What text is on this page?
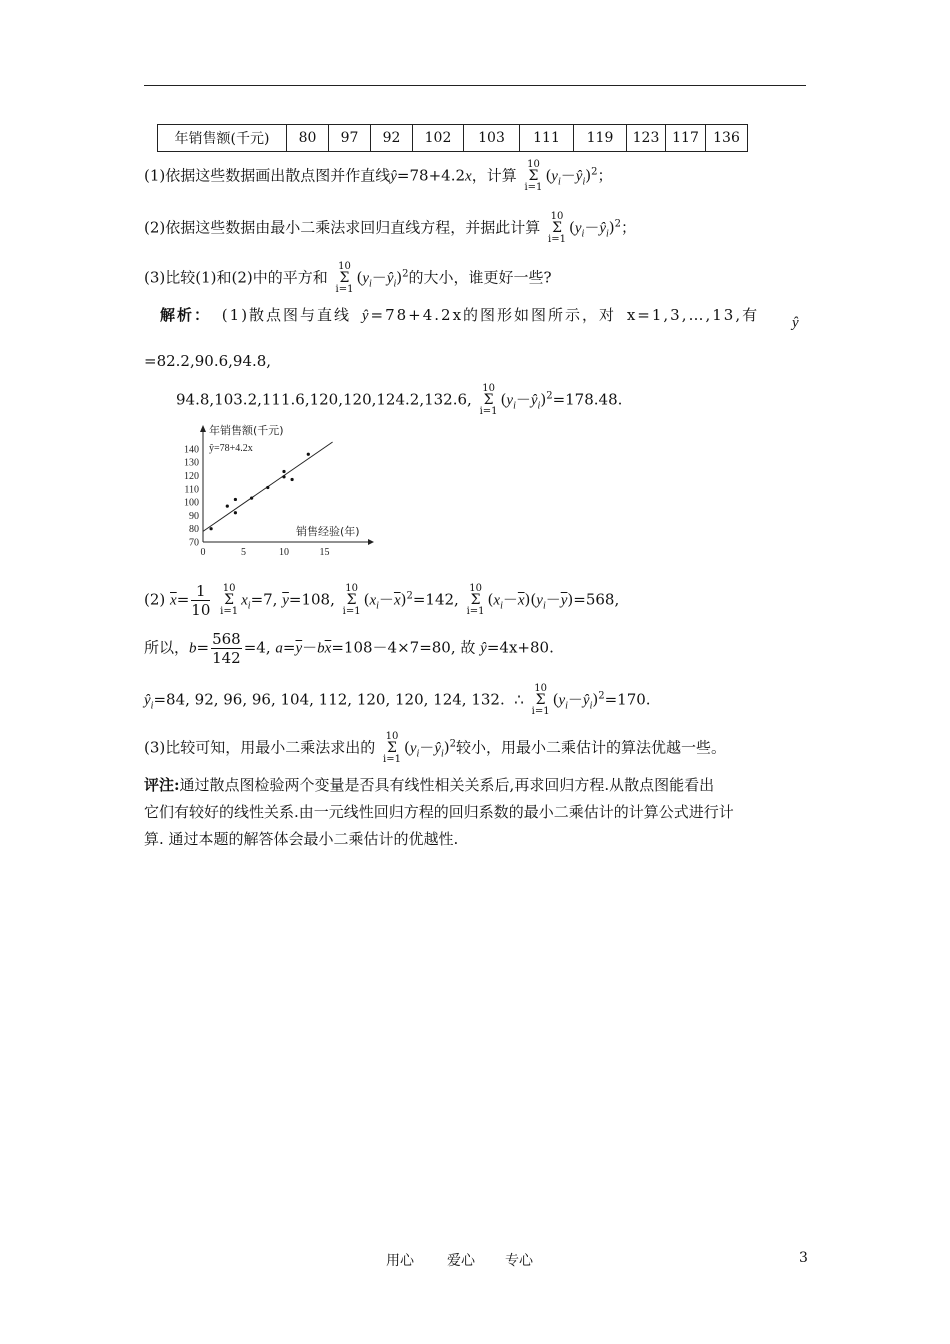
年销售额(千元)	80	97	92	102	103	111	119	123	117	136
(1)依据这些数据画出散点图并作直线ŷ=78+4.2x，计算 10
Σ
$i=1(y_i-ŷ_i)^2$；
(2)依据这些数据由最小二乘法求回归直线方程，并据此计算 10
Σ
$i=1(y_i-ŷ_i)^2$；
(3)比较(1)和(2)中的平方和 10
Σ
$i=1(y_i-ŷ_i)^2$的大小，谁更好一些?
解析： (1)散点图与直线 ŷ=78+4.2x的图形如图所示，对 x=1,3,…,13,有 ŷ
=82.2,90.6,94.8,
94.8,103.2,111.6,120,120,124.2,132.6, 10
Σ
$i=1(y_i-ŷ_i)^2=178.48$.
70
80
90
100
110
120
130
140
0	5	10	15
年销售额(千元)
ŷ=78+4.2x
销售经验(年)
(2) $\overline{x}= \frac{1}{10} 10$
Σ
$i=1x_i=7$, $\overline{y}=108$, 10
Σ
$i=1(x_i-\overline{x})^2=142$, 10
Σ
$i=1(x_i-\overline{x})(y_i-\overline{y})=568$,
所以，$b= \frac{568}{142} =4$, $a=\overline{y}-b\overline{x}=108-4\times 7=80$, 故 ŷ=4x+80.
$ŷ_i=84$, 92, 96, 96, 104, 112, 120, 120, 124, 132. ∴ 10
Σ
$i=1(y_i-ŷ_i)^2=170$.
(3)比较可知，用最小二乘法求出的 10
Σ
$i=1(y_i-ŷ_i)^2$较小，用最小二乘估计的算法优越一些。
评注:通过散点图检验两个变量是否具有线性相关关系后,再求回归方程.从散点图能看出
它们有较好的线性关系.由一元线性回归方程的回归系数的最小二乘估计的计算公式进行计
算. 通过本题的解答体会最小二乘估计的优越性.
用心 爱心 专心	3
